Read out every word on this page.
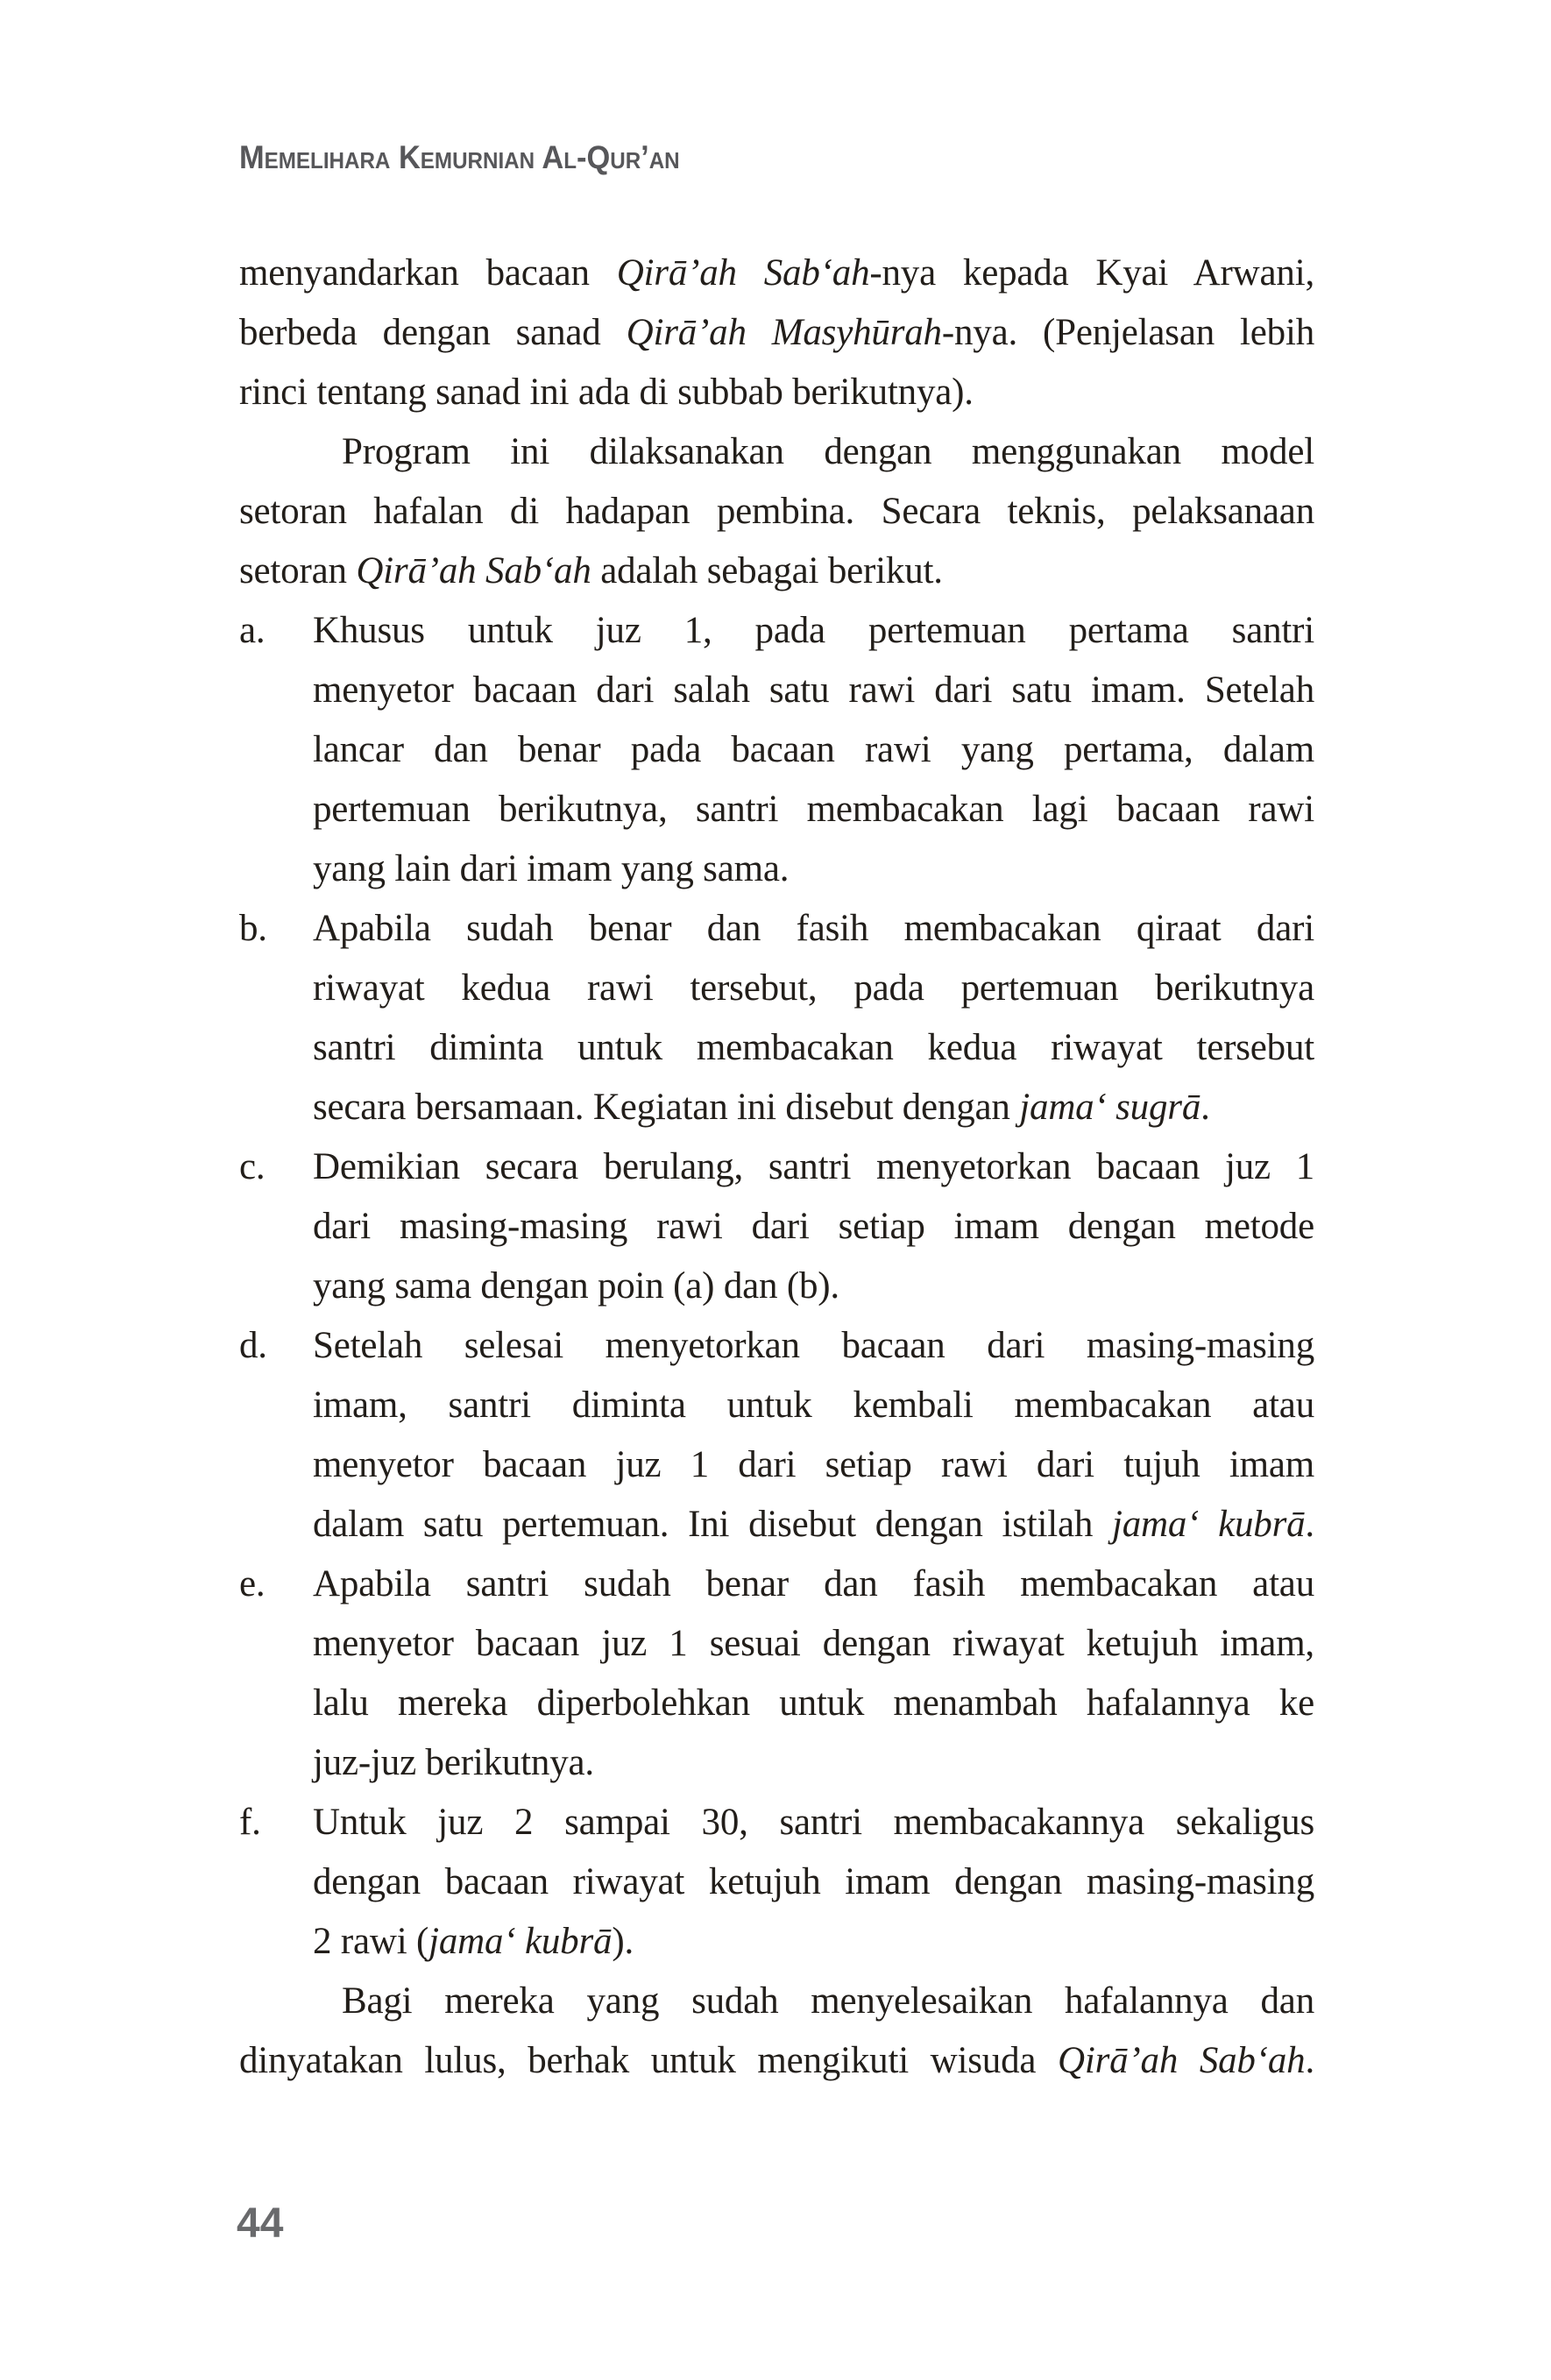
Memelihara Kemurnian Al-Qur’an
menyandarkan bacaan Qirā’ah Sab‘ah-nya kepada Kyai Arwani,
berbeda dengan sanad Qirā’ah Masyhūrah-nya. (Penjelasan lebih
rinci tentang sanad ini ada di subbab berikutnya).
Program ini dilaksanakan dengan menggunakan model
setoran hafalan di hadapan pembina. Secara teknis, pelaksanaan
setoran Qirā’ah Sab‘ah adalah sebagai berikut.
a. Khusus untuk juz 1, pada pertemuan pertama santri
menyetor bacaan dari salah satu rawi dari satu imam. Setelah
lancar dan benar pada bacaan rawi yang pertama, dalam
pertemuan berikutnya, santri membacakan lagi bacaan rawi
yang lain dari imam yang sama.
b. Apabila sudah benar dan fasih membacakan qiraat dari
riwayat kedua rawi tersebut, pada pertemuan berikutnya
santri diminta untuk membacakan kedua riwayat tersebut
secara bersamaan. Kegiatan ini disebut dengan jama‘ sugrā.
c. Demikian secara berulang, santri menyetorkan bacaan juz 1
dari masing-masing rawi dari setiap imam dengan metode
yang sama dengan poin (a) dan (b).
d. Setelah selesai menyetorkan bacaan dari masing-masing
imam, santri diminta untuk kembali membacakan atau
menyetor bacaan juz 1 dari setiap rawi dari tujuh imam
dalam satu pertemuan. Ini disebut dengan istilah jama‘ kubrā.
e. Apabila santri sudah benar dan fasih membacakan atau
menyetor bacaan juz 1 sesuai dengan riwayat ketujuh imam,
lalu mereka diperbolehkan untuk menambah hafalannya ke
juz-juz berikutnya.
f. Untuk juz 2 sampai 30, santri membacakannya sekaligus
dengan bacaan riwayat ketujuh imam dengan masing-masing
2 rawi (jama‘ kubrā).
Bagi mereka yang sudah menyelesaikan hafalannya dan
dinyatakan lulus, berhak untuk mengikuti wisuda Qirā’ah Sab‘ah.
44
